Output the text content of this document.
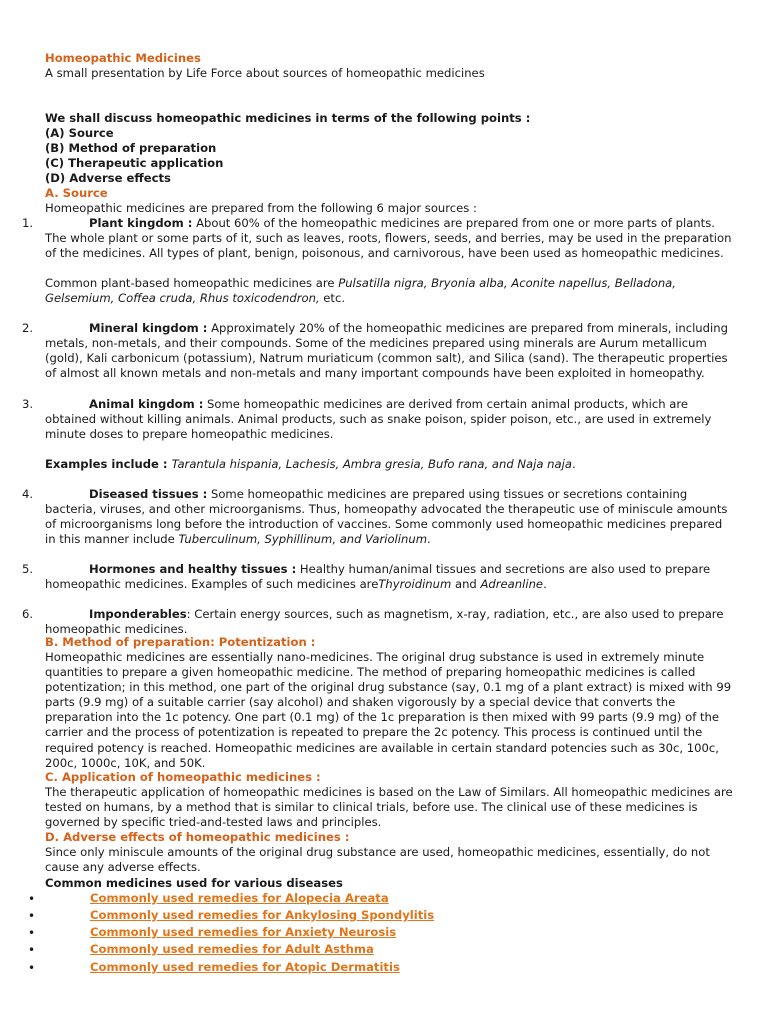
Homeopathic Medicines

A small presentation by Life Force about sources of homeopathic medicines

We shall discuss homeopathic medicines in terms of the following points :

(A) Source

(B) Method of preparation

(C) Therapeutic application

(D) Adverse effects

A. Source

Homeopathic medicines are prepared from the following 6 major sources :

1.	Plant kingdom : About 60% of the homeopathic medicines are prepared from one or more parts of plants. The whole plant or some parts of it, such as leaves, roots, flowers, seeds, and berries, may be used in the preparation of the medicines. All types of plant, benign, poisonous, and carnivorous, have been used as homeopathic medicines.

Common plant-based homeopathic medicines are Pulsatilla nigra, Bryonia alba, Aconite napellus, Belladona, Gelsemium, Coffea cruda, Rhus toxicodendron, etc.

2.	Mineral kingdom : Approximately 20% of the homeopathic medicines are prepared from minerals, including metals, non-metals, and their compounds. Some of the medicines prepared using minerals are Aurum metallicum (gold), Kali carbonicum (potassium), Natrum muriaticum (common salt), and Silica (sand). The therapeutic properties of almost all known metals and non-metals and many important compounds have been exploited in homeopathy.

3.	Animal kingdom : Some homeopathic medicines are derived from certain animal products, which are obtained without killing animals. Animal products, such as snake poison, spider poison, etc., are used in extremely minute doses to prepare homeopathic medicines.

Examples include : Tarantula hispania, Lachesis, Ambra gresia, Bufo rana, and Naja naja.

4.	Diseased tissues : Some homeopathic medicines are prepared using tissues or secretions containing bacteria, viruses, and other microorganisms. Thus, homeopathy advocated the therapeutic use of miniscule amounts of microorganisms long before the introduction of vaccines. Some commonly used homeopathic medicines prepared in this manner include Tuberculinum, Syphillinum, and Variolinum.

5.	Hormones and healthy tissues : Healthy human/animal tissues and secretions are also used to prepare homeopathic medicines. Examples of such medicines areThyroidinum and Adreanline.

6.	Imponderables: Certain energy sources, such as magnetism, x-ray, radiation, etc., are also used to prepare homeopathic medicines.

B. Method of preparation: Potentization :

Homeopathic medicines are essentially nano-medicines. The original drug substance is used in extremely minute quantities to prepare a given homeopathic medicine. The method of preparing homeopathic medicines is called potentization; in this method, one part of the original drug substance (say, 0.1 mg of a plant extract) is mixed with 99 parts (9.9 mg) of a suitable carrier (say alcohol) and shaken vigorously by a special device that converts the preparation into the 1c potency. One part (0.1 mg) of the 1c preparation is then mixed with 99 parts (9.9 mg) of the carrier and the process of potentization is repeated to prepare the 2c potency. This process is continued until the required potency is reached. Homeopathic medicines are available in certain standard potencies such as 30c, 100c, 200c, 1000c, 10K, and 50K.

C. Application of homeopathic medicines :

The therapeutic application of homeopathic medicines is based on the Law of Similars. All homeopathic medicines are tested on humans, by a method that is similar to clinical trials, before use. The clinical use of these medicines is governed by specific tried-and-tested laws and principles.

D. Adverse effects of homeopathic medicines :

Since only miniscule amounts of the original drug substance are used, homeopathic medicines, essentially, do not cause any adverse effects.

Common medicines used for various diseases

•	Commonly used remedies for Alopecia Areata
•	Commonly used remedies for Ankylosing Spondylitis
•	Commonly used remedies for Anxiety Neurosis
•	Commonly used remedies for Adult Asthma
•	Commonly used remedies for Atopic Dermatitis
